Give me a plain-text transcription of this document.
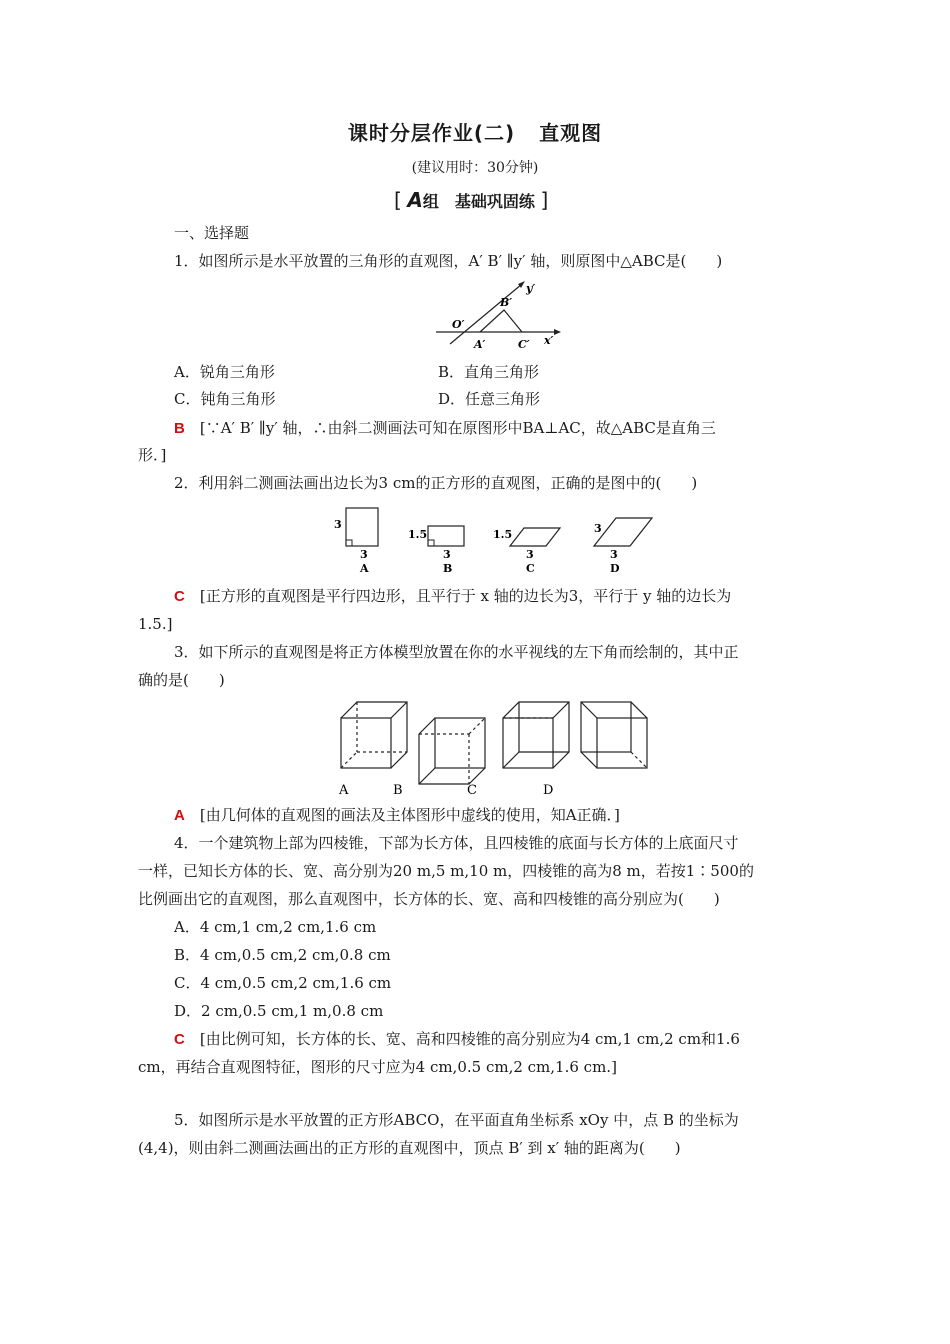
课时分层作业(二) 直观图
(建议用时：30分钟)
[ A组　基础巩固练 ]
一、选择题
1．如图所示是水平放置的三角形的直观图，A′ B′ ∥y′ 轴，则原图中△ABC是(　　)
y′
B′
O′
A′	C′ x′
A．锐角三角形	B．直角三角形
C．钝角三角形	D．任意三角形
B　 [∵A′ B′ ∥y′ 轴，∴由斜二测画法可知在原图形中BA⊥AC，故△ABC是直角三
形．]
2．利用斜二测画法画出边长为3 cm的正方形的直观图，正确的是图中的(　　)
3
3
A
1.5
3
B
1.5
3
C
3
3
D
C　 [正方形的直观图是平行四边形，且平行于 x 轴的边长为3，平行于 y 轴的边长为
1.5.]
3．如下所示的直观图是将正方体模型放置在你的水平视线的左下角而绘制的，其中正
确的是(　　)
A	B	C	D
A　 [由几何体的直观图的画法及主体图形中虚线的使用，知A正确．]
4．一个建筑物上部为四棱锥，下部为长方体，且四棱锥的底面与长方体的上底面尺寸
一样，已知长方体的长、宽、高分别为20 m,5 m,10 m，四棱锥的高为8 m，若按1∶500的
比例画出它的直观图，那么直观图中，长方体的长、宽、高和四棱锥的高分别应为(　　)
A．4 cm,1 cm,2 cm,1.6 cm
B．4 cm,0.5 cm,2 cm,0.8 cm
C．4 cm,0.5 cm,2 cm,1.6 cm
D．2 cm,0.5 cm,1 m,0.8 cm
C　 [由比例可知，长方体的长、宽、高和四棱锥的高分别应为4 cm,1 cm,2 cm和1.6
cm，再结合直观图特征，图形的尺寸应为4 cm,0.5 cm,2 cm,1.6 cm.]
5．如图所示是水平放置的正方形ABCO，在平面直角坐标系 xOy 中，点 B 的坐标为
(4,4)，则由斜二测画法画出的正方形的直观图中，顶点 B′ 到 x′ 轴的距离为(　　)
